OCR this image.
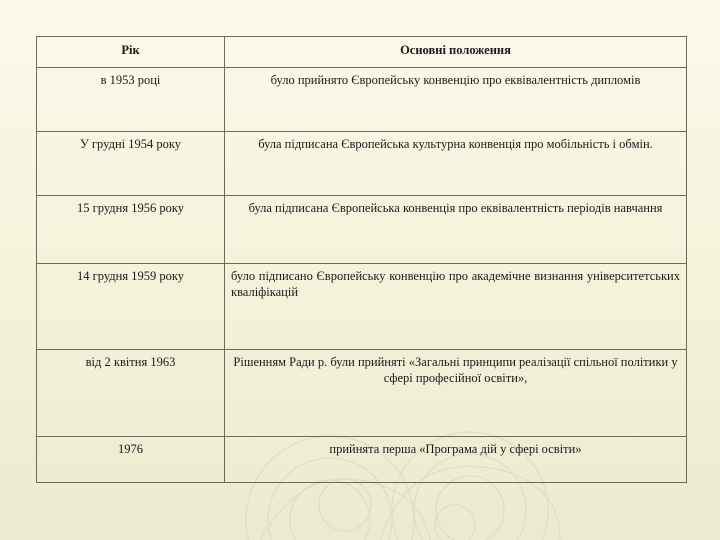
Рік	Основні положення
в 1953 році	було прийнято Європейську конвенцію про еквівалентність дипломів
У грудні 1954 року	була підписана Європейська культурна конвенція про мобільність і обмін.
15 грудня 1956 року	була підписана Європейська конвенція про еквівалентність періодів навчання
14 грудня 1959 року	було підписано Європейську конвенцію про академічне визнання університетських кваліфікацій
від 2 квітня 1963	Рішенням Ради р. були прийняті «Загальні принципи реалізації спільної політики у сфері професійної освіти»,
1976	прийнята перша «Програма дій у сфері освіти»
